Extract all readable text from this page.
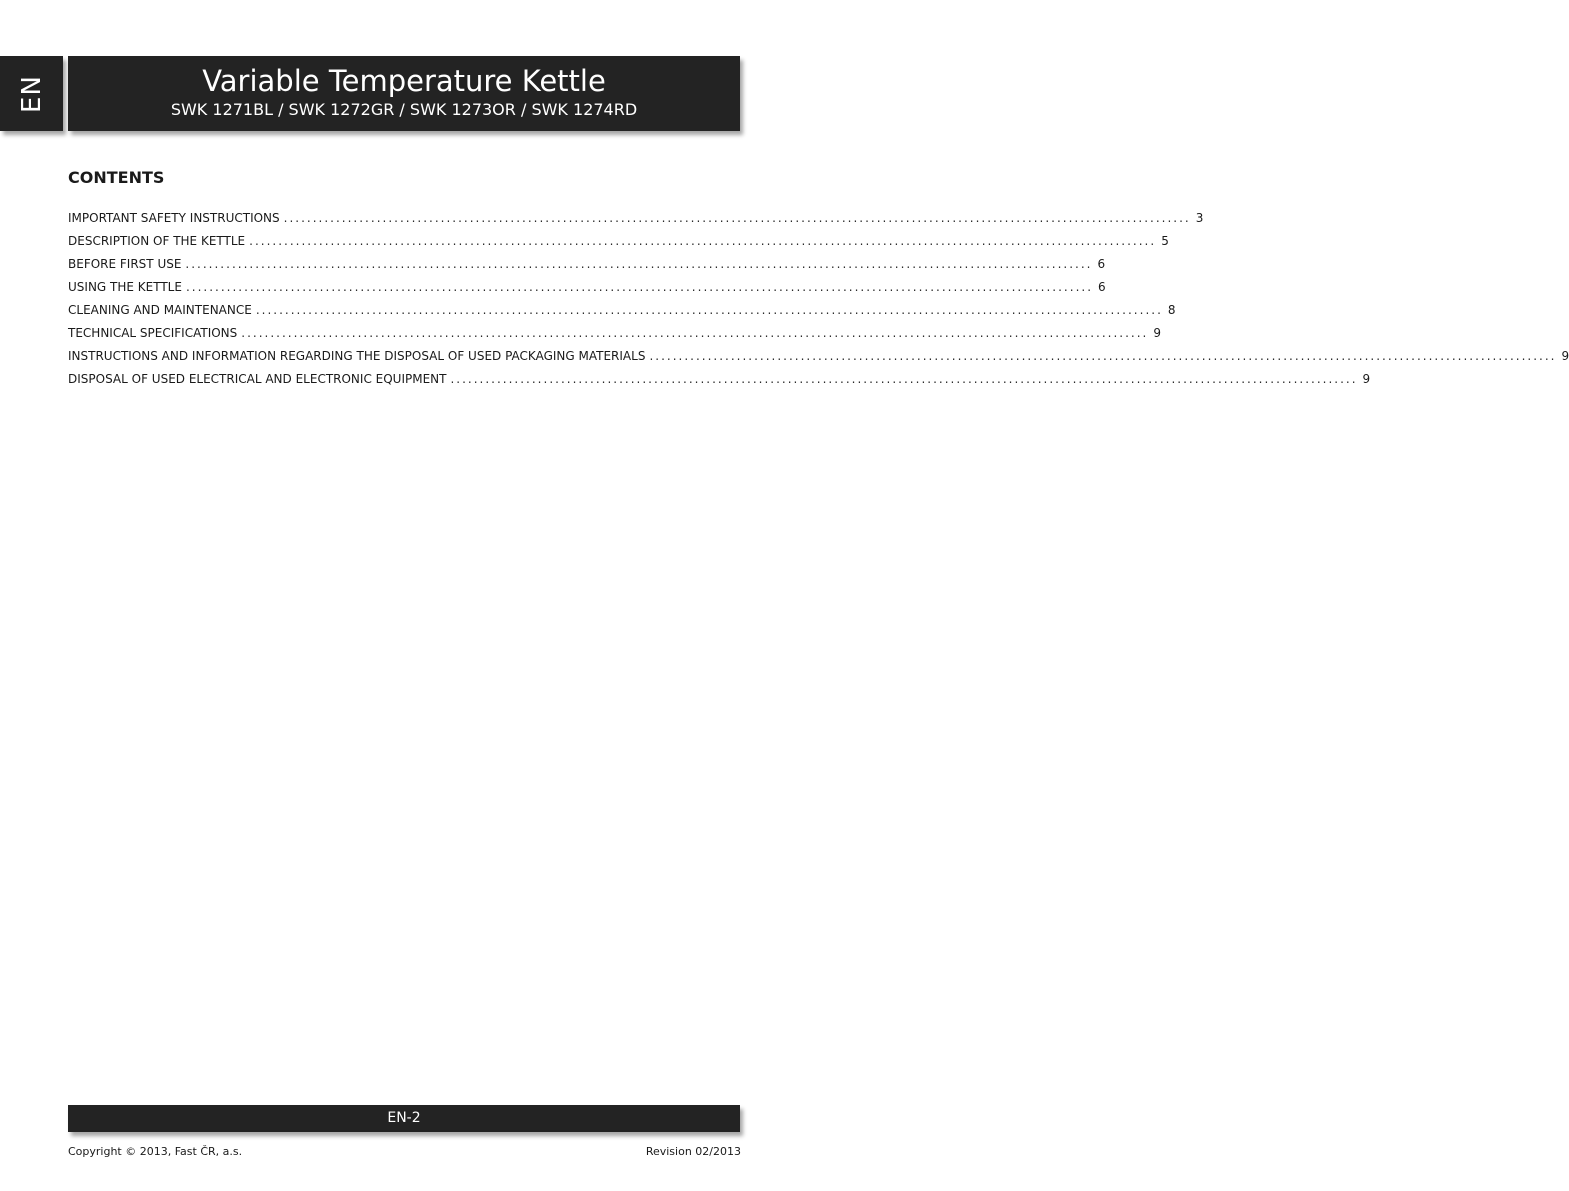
EN	Variable Temperature Kettle
SWK 1271BL / SWK 1272GR / SWK 1273OR / SWK 1274RD
CONTENTS
IMPORTANT SAFETY INSTRUCTIONS ............................................................................................................................................................ 3
DESCRIPTION OF THE KETTLE ............................................................................................................................................................ 5
BEFORE FIRST USE ............................................................................................................................................................ 6
USING THE KETTLE ............................................................................................................................................................ 6
CLEANING AND MAINTENANCE ............................................................................................................................................................ 8
TECHNICAL SPECIFICATIONS ............................................................................................................................................................ 9
INSTRUCTIONS AND INFORMATION REGARDING THE DISPOSAL OF USED PACKAGING MATERIALS ............................................................................................................................................................ 9
DISPOSAL OF USED ELECTRICAL AND ELECTRONIC EQUIPMENT ............................................................................................................................................................ 9
EN-2
Copyright © 2013, Fast ČR, a.s.	Revision 02/2013
